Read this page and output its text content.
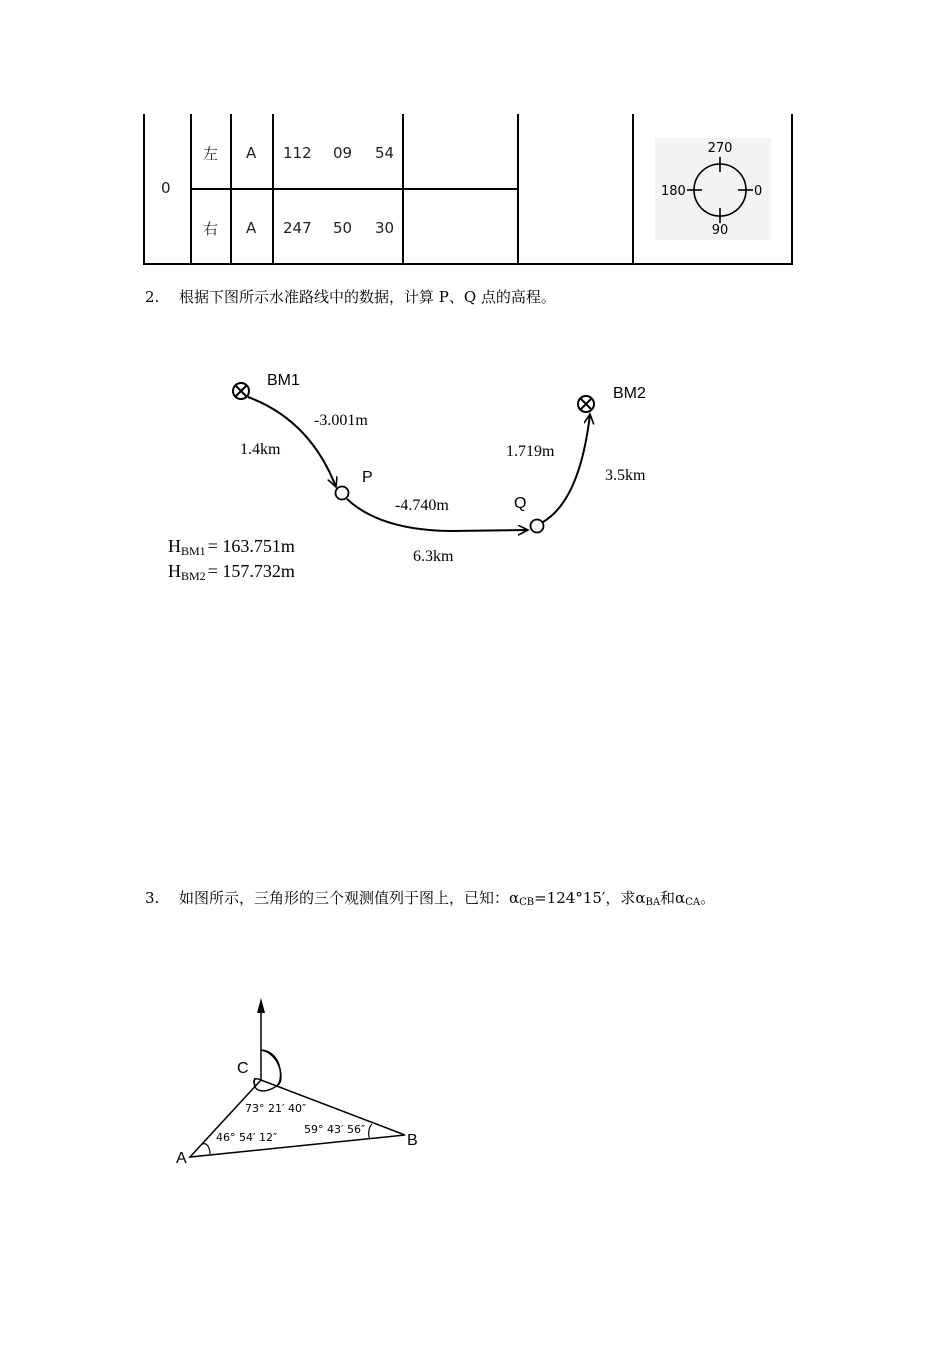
0
左 A 112 09 54
右 A 247 50 30
270
180	0
90
2. 根据下图所示水准路线中的数据，计算 P、Q 点的高程。
BM1
BM2
P
Q
-3.001m
1.4km
-4.740m
6.3km
1.719m
3.5km
HBM1 = 163.751m
HBM2 = 157.732m
3. 如图所示，三角形的三个观测值列于图上，已知：$\alpha_{CB}=124^\circ 15'$，求$\alpha_{BA}$和$\alpha_{CA}$。
C
A
B
73° 21′ 40″
46° 54′ 12″
59° 43′ 56″
